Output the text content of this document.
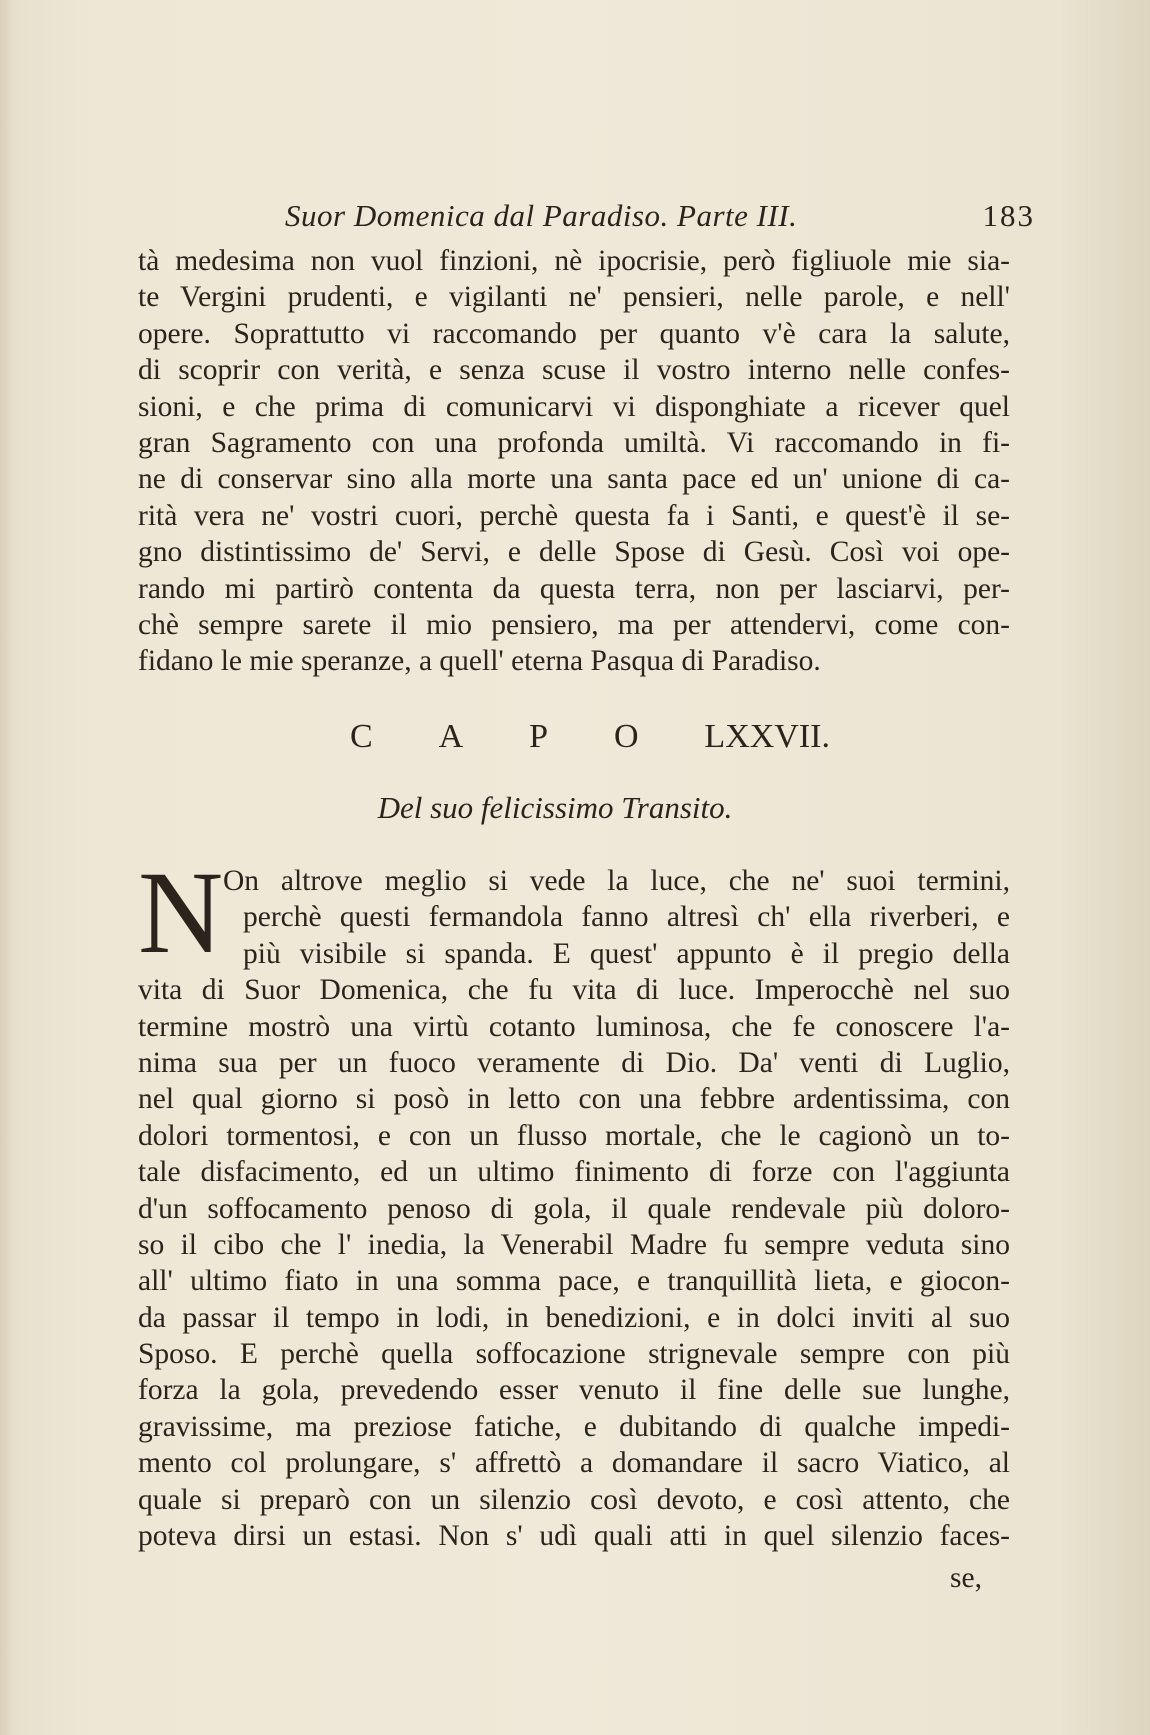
Suor Domenica dal Paradiso. Parte III.	183
tà medesima non vuol finzioni, nè ipocrisie, però figliuole mie sia-
te Vergini prudenti, e vigilanti ne' pensieri, nelle parole, e nell'
opere. Soprattutto vi raccomando per quanto v'è cara la salute,
di scoprir con verità, e senza scuse il vostro interno nelle confes-
sioni, e che prima di comunicarvi vi disponghiate a ricever quel
gran Sagramento con una profonda umiltà. Vi raccomando in fi-
ne di conservar sino alla morte una santa pace ed un' unione di ca-
rità vera ne' vostri cuori, perchè questa fa i Santi, e quest'è il se-
gno distintissimo de' Servi, e delle Spose di Gesù. Così voi ope-
rando mi partirò contenta da questa terra, non per lasciarvi, per-
chè sempre sarete il mio pensiero, ma per attendervi, come con-
fidano le mie speranze, a quell' eterna Pasqua di Paradiso.
C A P O LXXVII.
Del suo felicissimo Transito.
N On altrove meglio si vede la luce, che ne' suoi termini,
perchè questi fermandola fanno altresì ch' ella riverberi, e
più visibile si spanda. E quest' appunto è il pregio della
vita di Suor Domenica, che fu vita di luce. Imperocchè nel suo
termine mostrò una virtù cotanto luminosa, che fe conoscere l'a-
nima sua per un fuoco veramente di Dio. Da' venti di Luglio,
nel qual giorno si posò in letto con una febbre ardentissima, con
dolori tormentosi, e con un flusso mortale, che le cagionò un to-
tale disfacimento, ed un ultimo finimento di forze con l'aggiunta
d'un soffocamento penoso di gola, il quale rendevale più doloro-
so il cibo che l' inedia, la Venerabil Madre fu sempre veduta sino
all' ultimo fiato in una somma pace, e tranquillità lieta, e giocon-
da passar il tempo in lodi, in benedizioni, e in dolci inviti al suo
Sposo. E perchè quella soffocazione strignevale sempre con più
forza la gola, prevedendo esser venuto il fine delle sue lunghe,
gravissime, ma preziose fatiche, e dubitando di qualche impedi-
mento col prolungare, s' affrettò a domandare il sacro Viatico, al
quale si preparò con un silenzio così devoto, e così attento, che
poteva dirsi un estasi. Non s' udì quali atti in quel silenzio faces-
se,
